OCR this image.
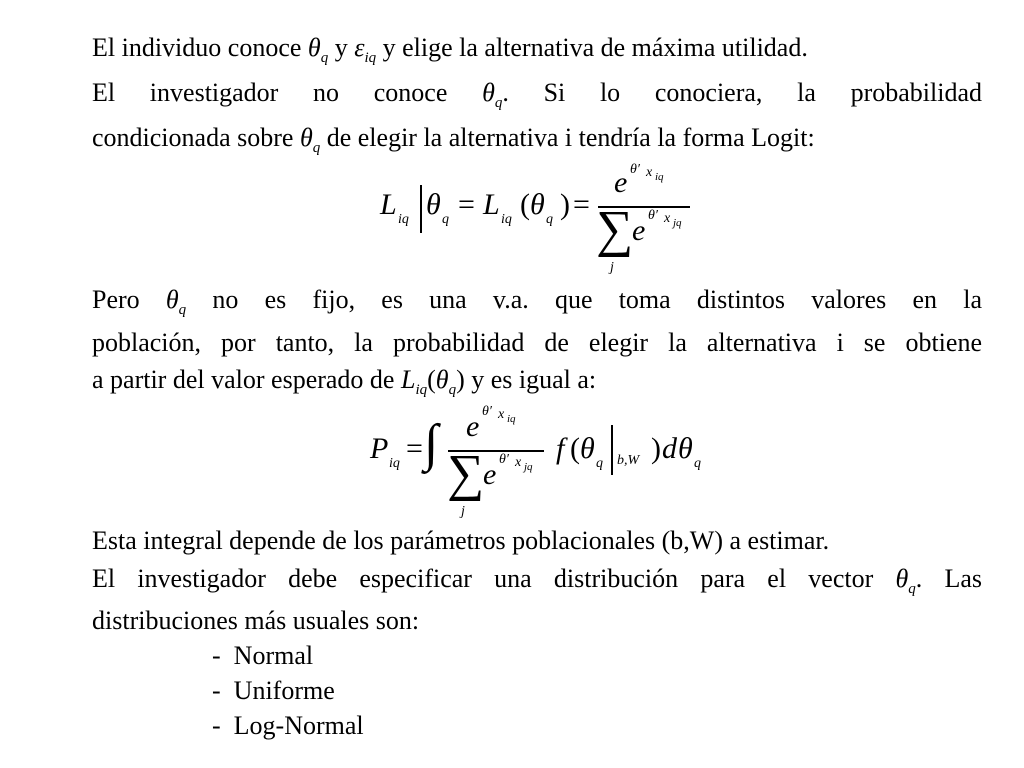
El individuo conoce $\theta_q$ y $\varepsilon_{iq}$ y elige la alternativa de máxima utilidad.
El investigador no conoce $\theta_q$. Si lo conociera, la probabilidad
condicionada sobre $\theta_q$ de elegir la alternativa i tendría la forma Logit:
L iq θ q = L iq ( θ q ) =
e θ′ x iq
∑
e θ′ x jq
j
Pero $\theta_q$ no es fijo, es una v.a. que toma distintos valores en la
población, por tanto, la probabilidad de elegir la alternativa i se obtiene
a partir del valor esperado de $L_{iq}(\theta_q)$ y es igual a:
P iq = ∫ e θ′ x iq
∑
e θ′ x jq
j
f ( θ q b,W ) d θ q
Esta integral depende de los parámetros poblacionales (b,W) a estimar.
El investigador debe especificar una distribución para el vector $\theta_q$. Las
distribuciones más usuales son:
- Normal
- Uniforme
- Log-Normal
